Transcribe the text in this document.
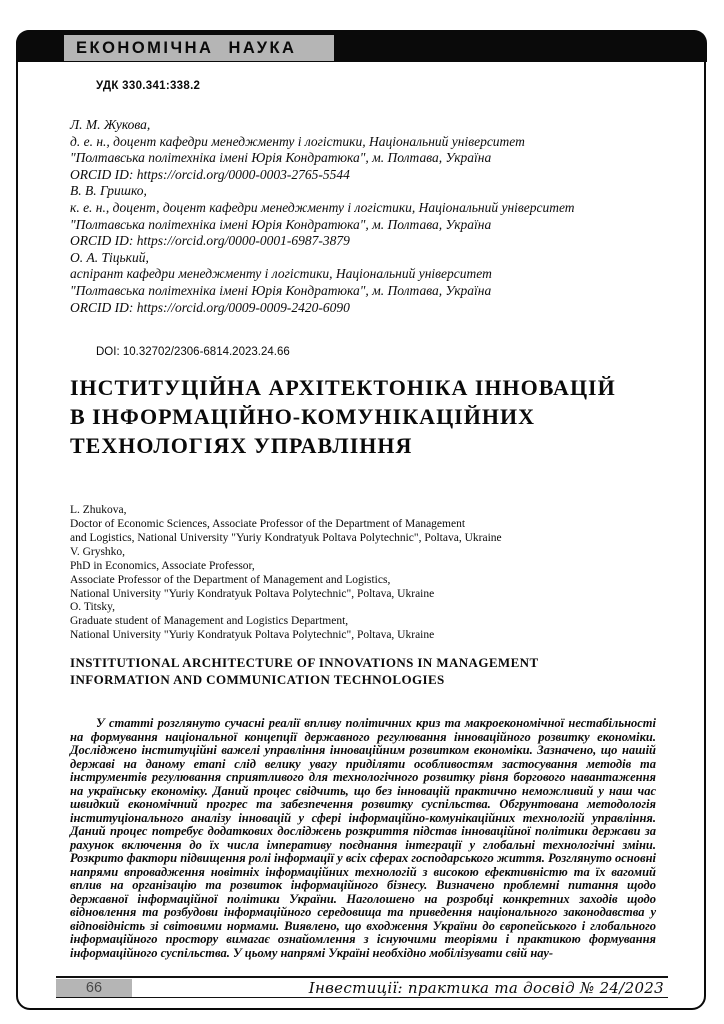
ЕКОНОМІЧНА НАУКА
УДК 330.341:338.2
Л. М. Жукова,
д. е. н., доцент кафедри менеджменту і логістики, Національний університет
"Полтавська політехніка імені Юрія Кондратюка", м. Полтава, Україна
ORCID ID: https://orcid.org/0000-0003-2765-5544
В. В. Гришко,
к. е. н., доцент, доцент кафедри менеджменту і логістики, Національний університет
"Полтавська політехніка імені Юрія Кондратюка", м. Полтава, Україна
ORCID ID: https://orcid.org/0000-0001-6987-3879
О. А. Тіцький,
аспірант кафедри менеджменту і логістики, Національний університет
"Полтавська політехніка імені Юрія Кондратюка", м. Полтава, Україна
ORCID ID: https://orcid.org/0009-0009-2420-6090
DOI: 10.32702/2306-6814.2023.24.66
ІНСТИТУЦІЙНА АРХІТЕКТОНІКА ІННОВАЦІЙ
В ІНФОРМАЦІЙНО-КОМУНІКАЦІЙНИХ
ТЕХНОЛОГІЯХ УПРАВЛІННЯ
L. Zhukova,
Doctor of Economic Sciences, Associate Professor of the Department of Management
and Logistics, National University "Yuriy Kondratyuk Poltava Polytechnic", Poltava, Ukraine
V. Gryshko,
PhD in Economics, Associate Professor,
Associate Professor of the Department of Management and Logistics,
National University "Yuriy Kondratyuk Poltava Polytechnic", Poltava, Ukraine
O. Titsky,
Graduate student of Management and Logistics Department,
National University "Yuriy Kondratyuk Poltava Polytechnic", Poltava, Ukraine
INSTITUTIONAL ARCHITECTURE OF INNOVATIONS IN MANAGEMENT
INFORMATION AND COMMUNICATION TECHNOLOGIES
У статті розглянуто сучасні реалії впливу політичних криз та макроекономічної нестабільності на формування національної концепції державного регулювання інноваційного розвитку економіки. Досліджено інституційні важелі управління інноваційним розвитком економіки. Зазначено, що нашій державі на даному етапі слід велику увагу приділяти особливостям застосування методів та інструментів регулювання сприятливого для технологічного розвитку рівня боргового навантаження на українську економіку. Даний процес свідчить, що без інновацій практично неможливий у наш час швидкий економічний прогрес та забезпечення розвитку суспільства. Обгрунтована методологія інституціонального аналізу інновацій у сфері інформаційно-комунікаційних технологій управління. Даний процес потребує додаткових досліджень розкриття підстав інноваційної політики держави за рахунок включення до їх числа імперативу поєднання інтеграції у глобальні технологічні зміни. Розкрито фактори підвищення ролі інформації у всіх сферах господарського життя. Розглянуто основні напрями впровадження новітніх інформаційних технологій з високою ефективністю та їх вагомий вплив на організацію та розвиток інформаційного бізнесу. Визначено проблемні питання щодо державної інформаційної політики України. Наголошено на розробці конкретних заходів щодо відновлення та розбудови інформаційного середовища та приведення національного законодавства у відповідність зі світовими нормами. Виявлено, що входження України до європейського і глобального інформаційного простору вимагає ознайомлення з існуючими теоріями і практикою формування інформаційного суспільства. У цьому напрямі Україні необхідно мобілізувати свій нау-
66	Інвестиції: практика та досвід № 24/2023
